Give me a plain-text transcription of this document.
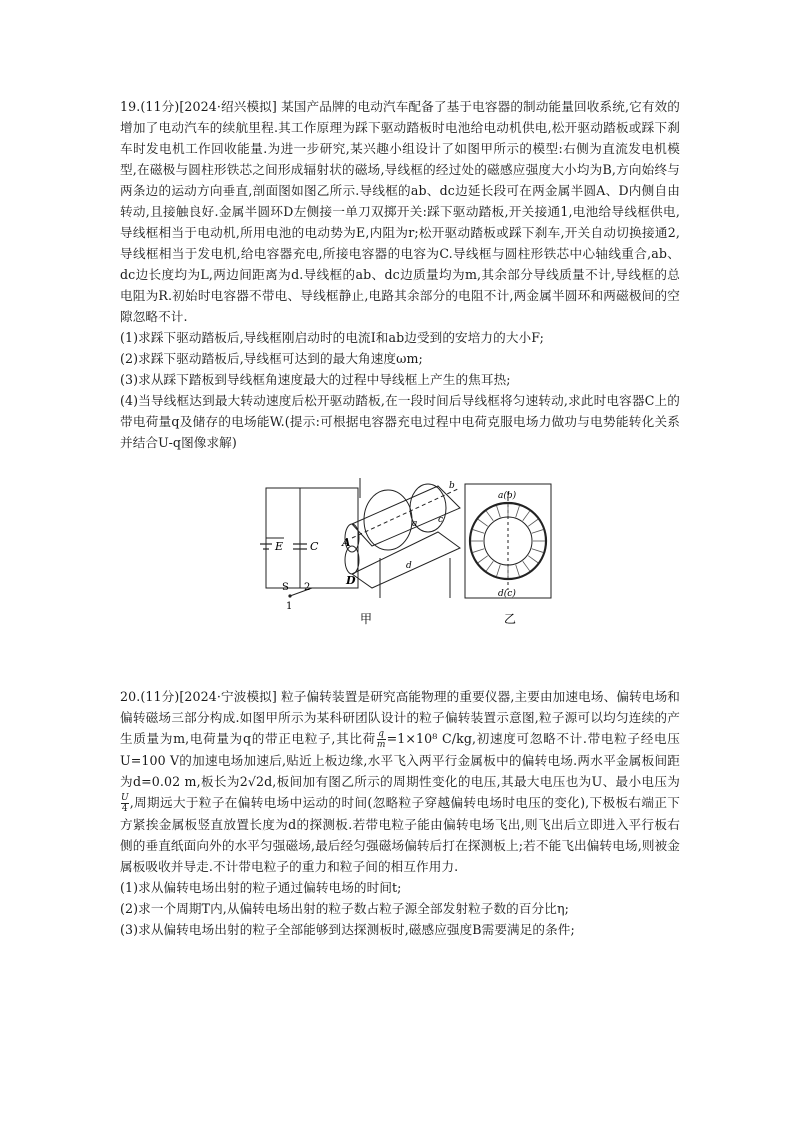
19.(11分)[2024·绍兴模拟] 某国产品牌的电动汽车配备了基于电容器的制动能量回收系统,它有效的增加了电动汽车的续航里程.其工作原理为踩下驱动踏板时电池给电动机供电,松开驱动踏板或踩下刹车时发电机工作回收能量.为进一步研究,某兴趣小组设计了如图甲所示的模型:右侧为直流发电机模型,在磁极与圆柱形铁芯之间形成辐射状的磁场,导线框的经过处的磁感应强度大小均为B,方向始终与两条边的运动方向垂直,剖面图如图乙所示.导线框的ab、dc边延长段可在两金属半圆A、D内侧自由转动,且接触良好.金属半圆环D左侧接一单刀双掷开关:踩下驱动踏板,开关接通1,电池给导线框供电,导线框相当于电动机,所用电池的电动势为E,内阻为r;松开驱动踏板或踩下刹车,开关自动切换接通2,导线框相当于发电机,给电容器充电,所接电容器的电容为C.导线框与圆柱形铁芯中心轴线重合,ab、dc边长度均为L,两边间距离为d.导线框的ab、dc边质量均为m,其余部分导线质量不计,导线框的总电阻为R.初始时电容器不带电、导线框静止,电路其余部分的电阻不计,两金属半圆环和两磁极间的空隙忽略不计.

(1)求踩下驱动踏板后,导线框刚启动时的电流I和ab边受到的安培力的大小F;

(2)求踩下驱动踏板后,导线框可达到的最大角速度ωm;

(3)求从踩下踏板到导线框角速度最大的过程中导线框上产生的焦耳热;

(4)当导线框达到最大转动速度后松开驱动踏板,在一段时间后导线框将匀速转动,求此时电容器C上的带电荷量q及储存的电场能W.(提示:可根据电容器充电过程中电荷克服电场力做功与电势能转化关系并结合U-q图像求解)

E C
S 2
1
A
D
b
c
a
d
甲
a(b)
d(c)
乙

20.(11分)[2024·宁波模拟] 粒子偏转装置是研究高能物理的重要仪器,主要由加速电场、偏转电场和偏转磁场三部分构成.如图甲所示为某科研团队设计的粒子偏转装置示意图,粒子源可以均匀连续的产生质量为m,电荷量为q的带正电粒子,其比荷 $\frac{q}{m} =1\times 10^8$ C/kg,初速度可忽略不计.带电粒子经电压U=100 V的加速电场加速后,贴近上板边缘,水平飞入两平行金属板中的偏转电场.两水平金属板间距为d=0.02 m,板长为2√2d,板间加有图乙所示的周期性变化的电压,其最大电压也为U、最小电压为
$\frac{U}{4}$ ,周期远大于粒子在偏转电场中运动的时间(忽略粒子穿越偏转电场时电压的变化),下极板右端正下方紧挨金属板竖直放置长度为d的探测板.若带电粒子能由偏转电场飞出,则飞出后立即进入平行板右侧的垂直纸面向外的水平匀强磁场,最后经匀强磁场偏转后打在探测板上;若不能飞出偏转电场,则被金属板吸收并导走.不计带电粒子的重力和粒子间的相互作用力.

(1)求从偏转电场出射的粒子通过偏转电场的时间t;

(2)求一个周期T内,从偏转电场出射的粒子数占粒子源全部发射粒子数的百分比η;

(3)求从偏转电场出射的粒子全部能够到达探测板时,磁感应强度B需要满足的条件;
